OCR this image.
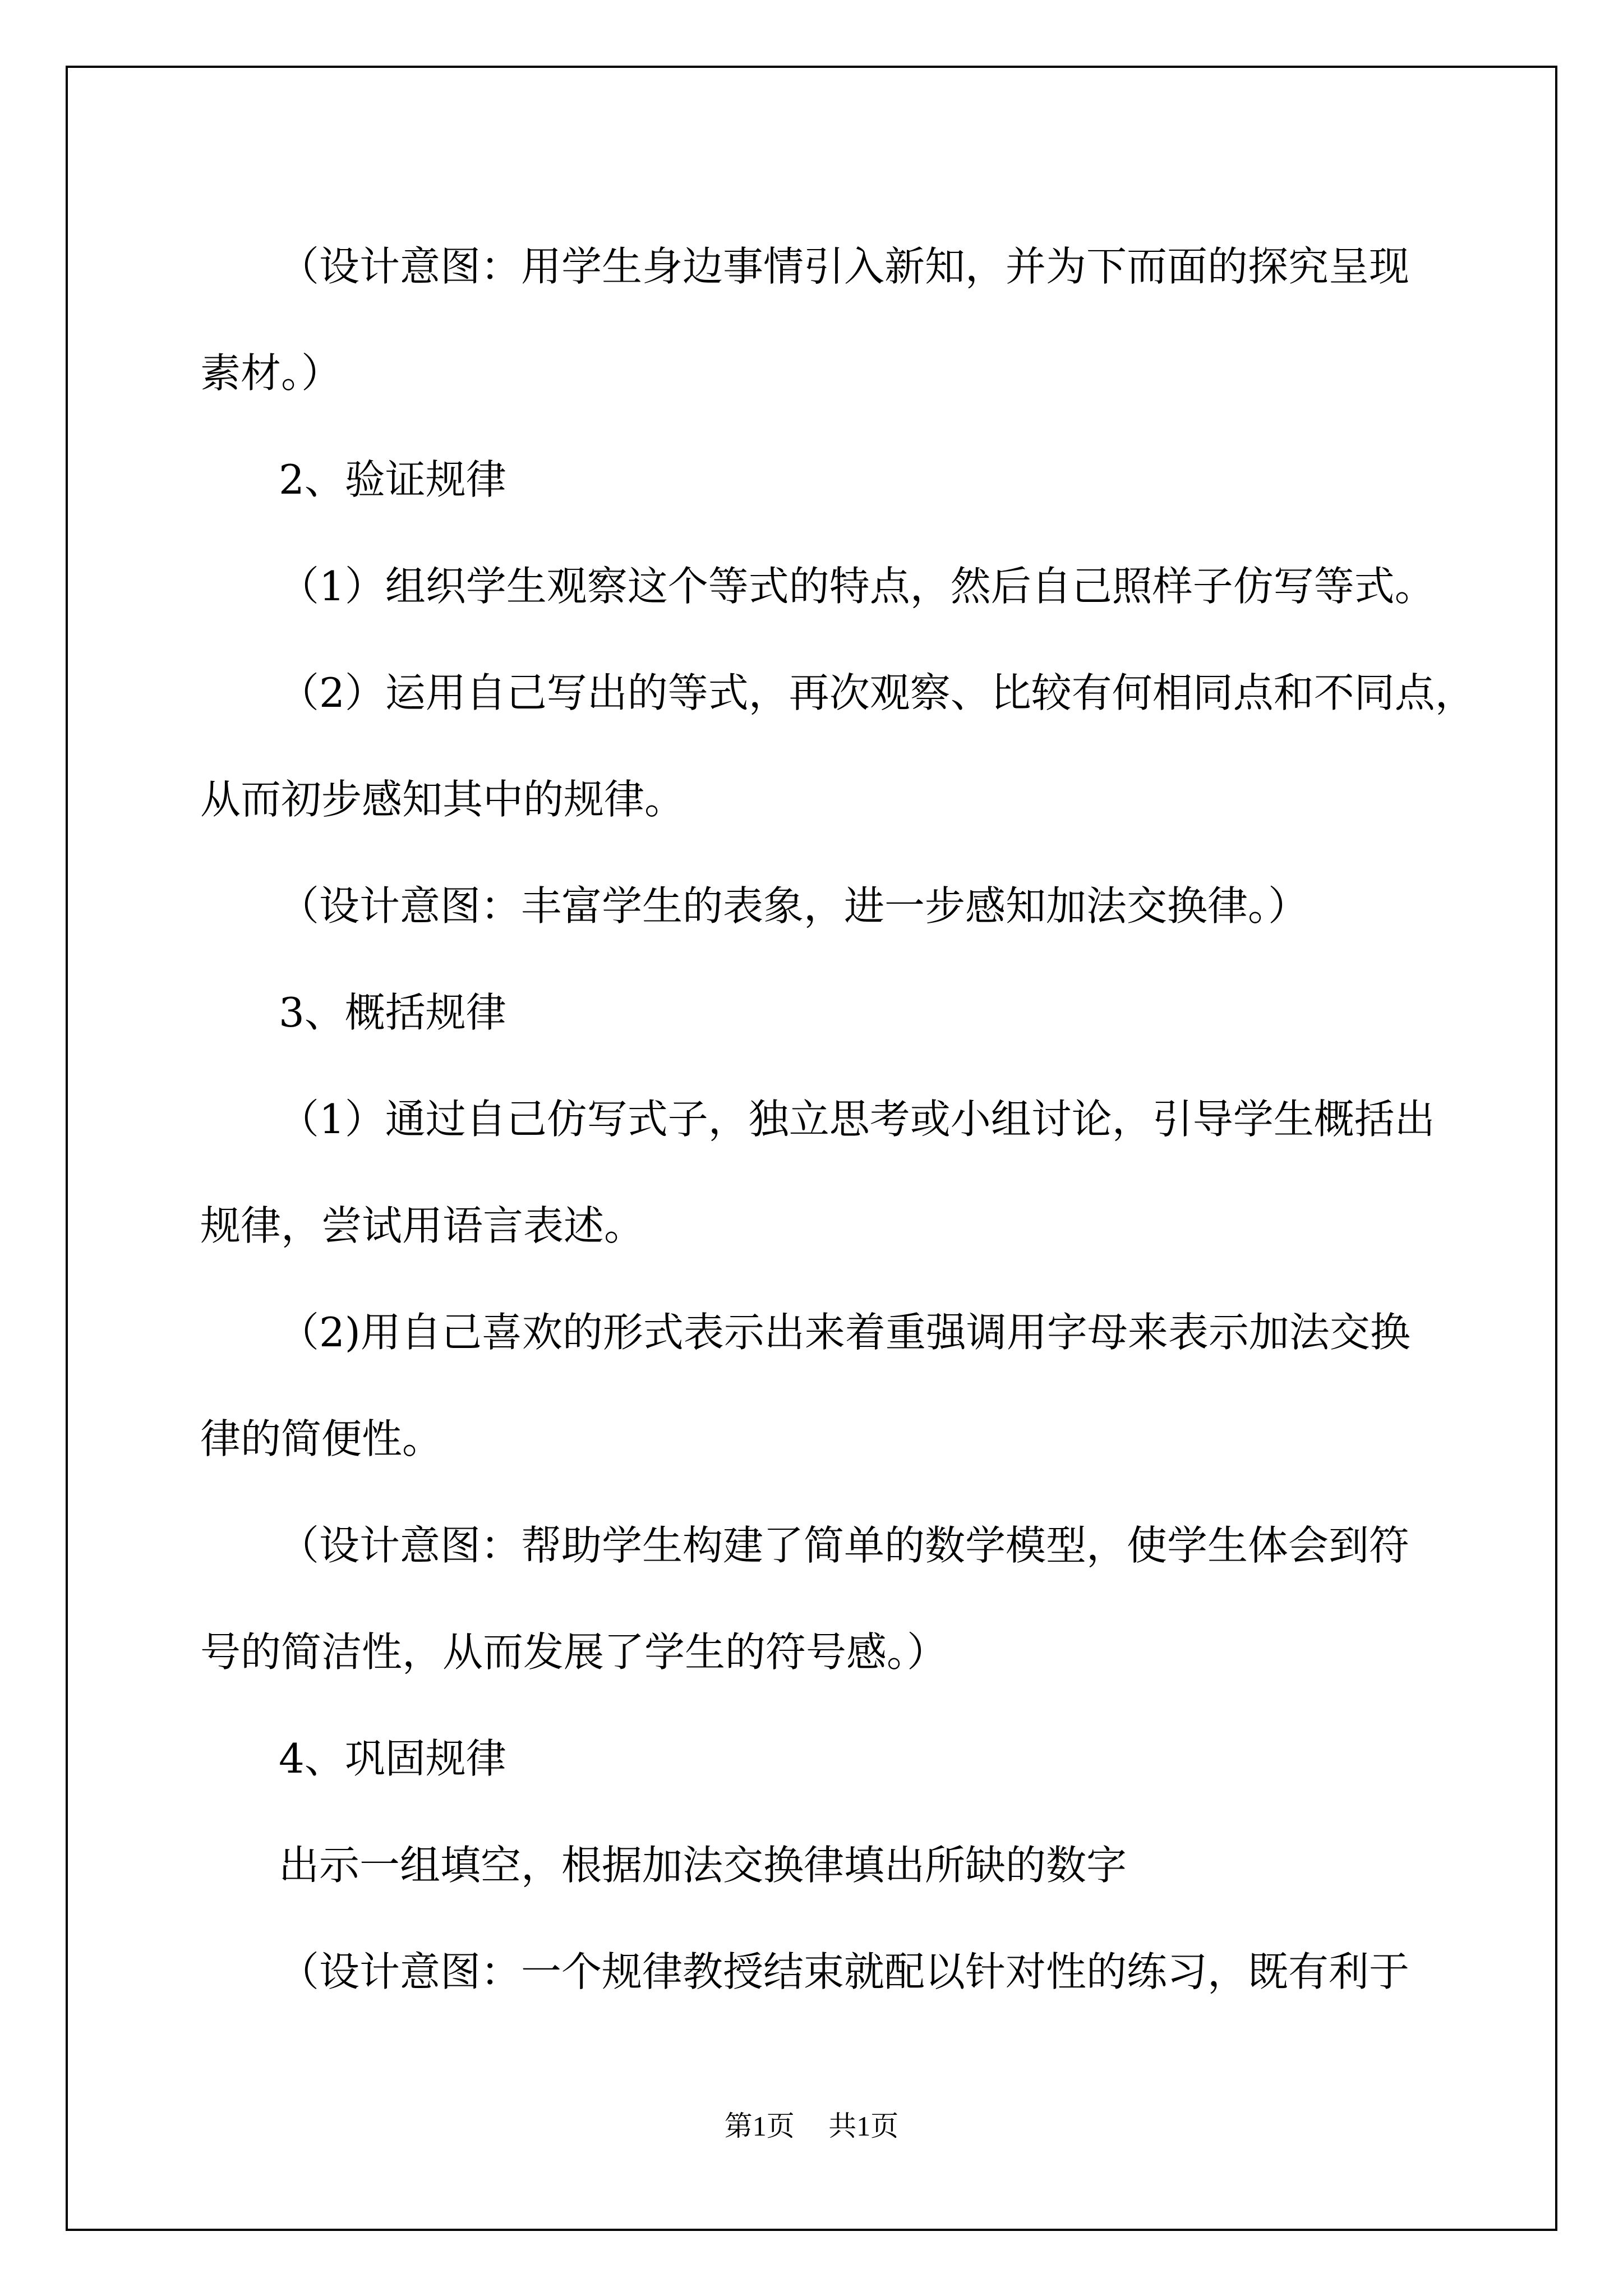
（设计意图：用学生身边事情引入新知，并为下而面的探究呈现

素材。）

2、验证规律

（1）组织学生观察这个等式的特点，然后自己照样子仿写等式。

（2）运用自己写出的等式，再次观察、比较有何相同点和不同点，

从而初步感知其中的规律。

（设计意图：丰富学生的表象，进一步感知加法交换律。）

3、概括规律

（1）通过自己仿写式子，独立思考或小组讨论，引导学生概括出

规律，尝试用语言表述。

（2)用自己喜欢的形式表示出来着重强调用字母来表示加法交换

律的简便性。

（设计意图：帮助学生构建了简单的数学模型，使学生体会到符

号的简洁性，从而发展了学生的符号感。）

4、巩固规律

出示一组填空，根据加法交换律填出所缺的数字

（设计意图：一个规律教授结束就配以针对性的练习，既有利于

第1页 共1页
